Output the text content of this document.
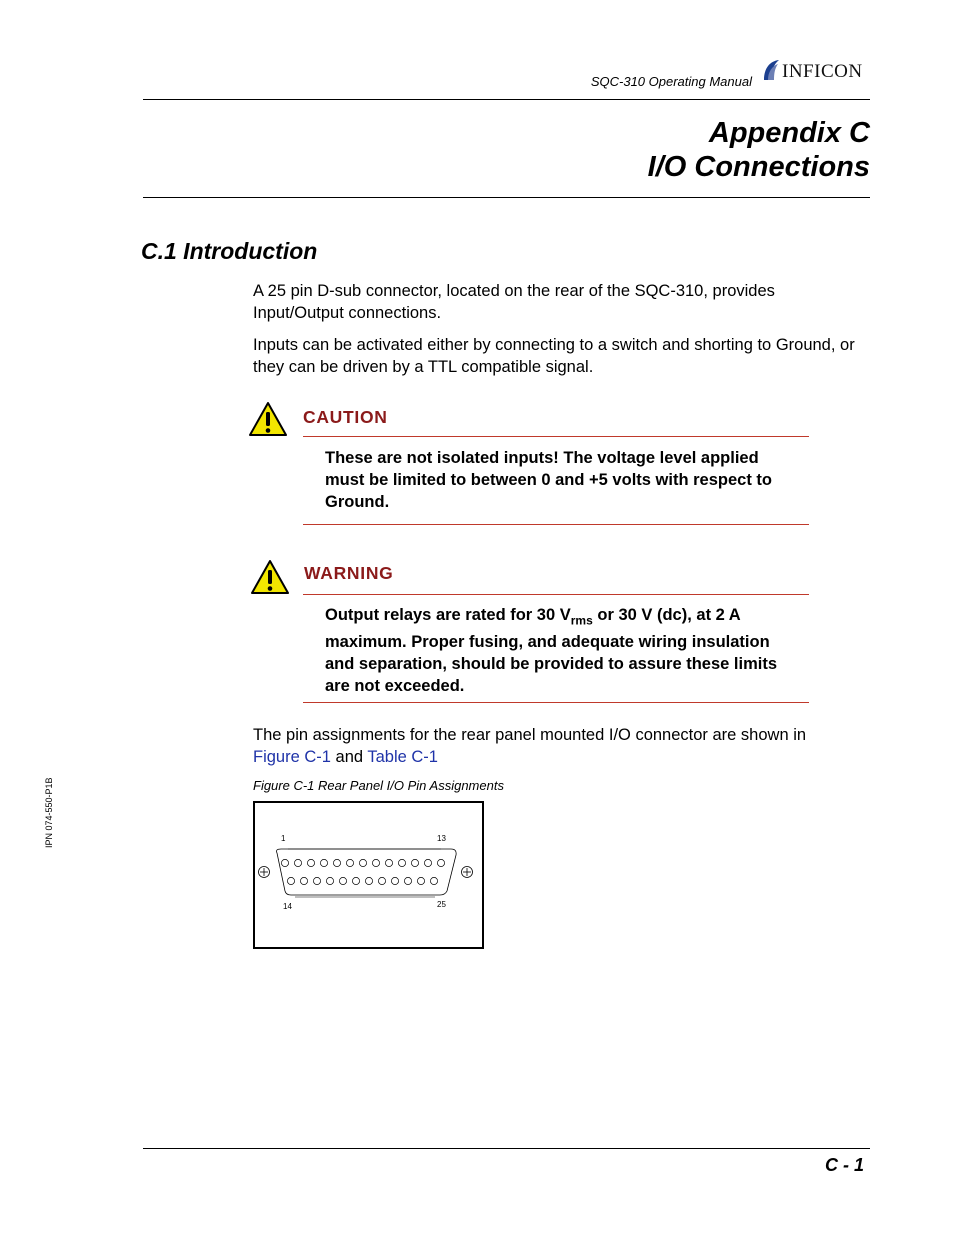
SQC-310 Operating Manual INFICON
Appendix C
I/O Connections
C.1 Introduction
A 25 pin D-sub connector, located on the rear of the SQC-310, provides Input/Output connections.
Inputs can be activated either by connecting to a switch and shorting to Ground, or they can be driven by a TTL compatible signal.
CAUTION
These are not isolated inputs! The voltage level applied must be limited to between 0 and +5 volts with respect to Ground.
WARNING
Output relays are rated for 30 $V_{rms}$ or 30 V (dc), at 2 A maximum. Proper fusing, and adequate wiring insulation and separation, should be provided to assure these limits are not exceeded.
The pin assignments for the rear panel mounted I/O connector are shown in Figure C-1 and Table C-1
Figure C-1 Rear Panel I/O Pin Assignments
1	13
14	25
IPN 074-550-P1B
C - 1
